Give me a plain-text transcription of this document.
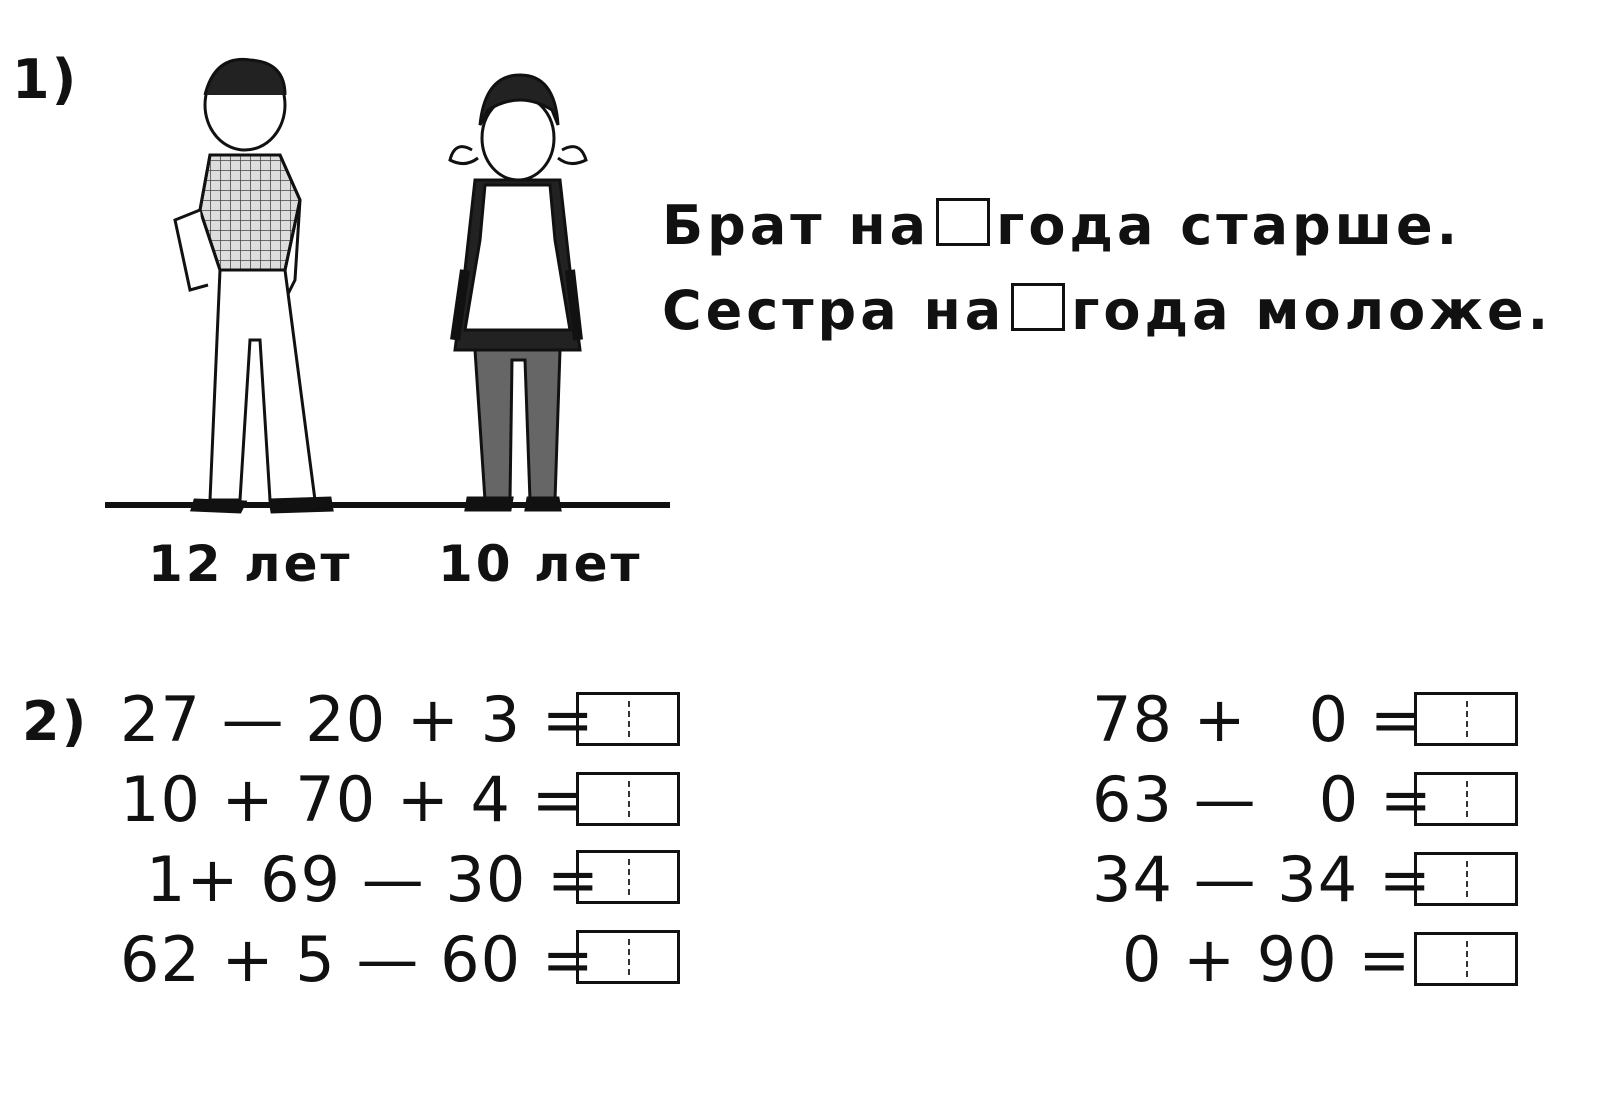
1)
12 лет 10 лет
Брат на года старше.
Сестра на года моложе.
2) 27 — 20 + 3 =
10 + 70 + 4 =
1+ 69 — 30 =
62 + 5 — 60 =
78 +   0 =
63 —   0 =
34 — 34 =
0 + 90 =
